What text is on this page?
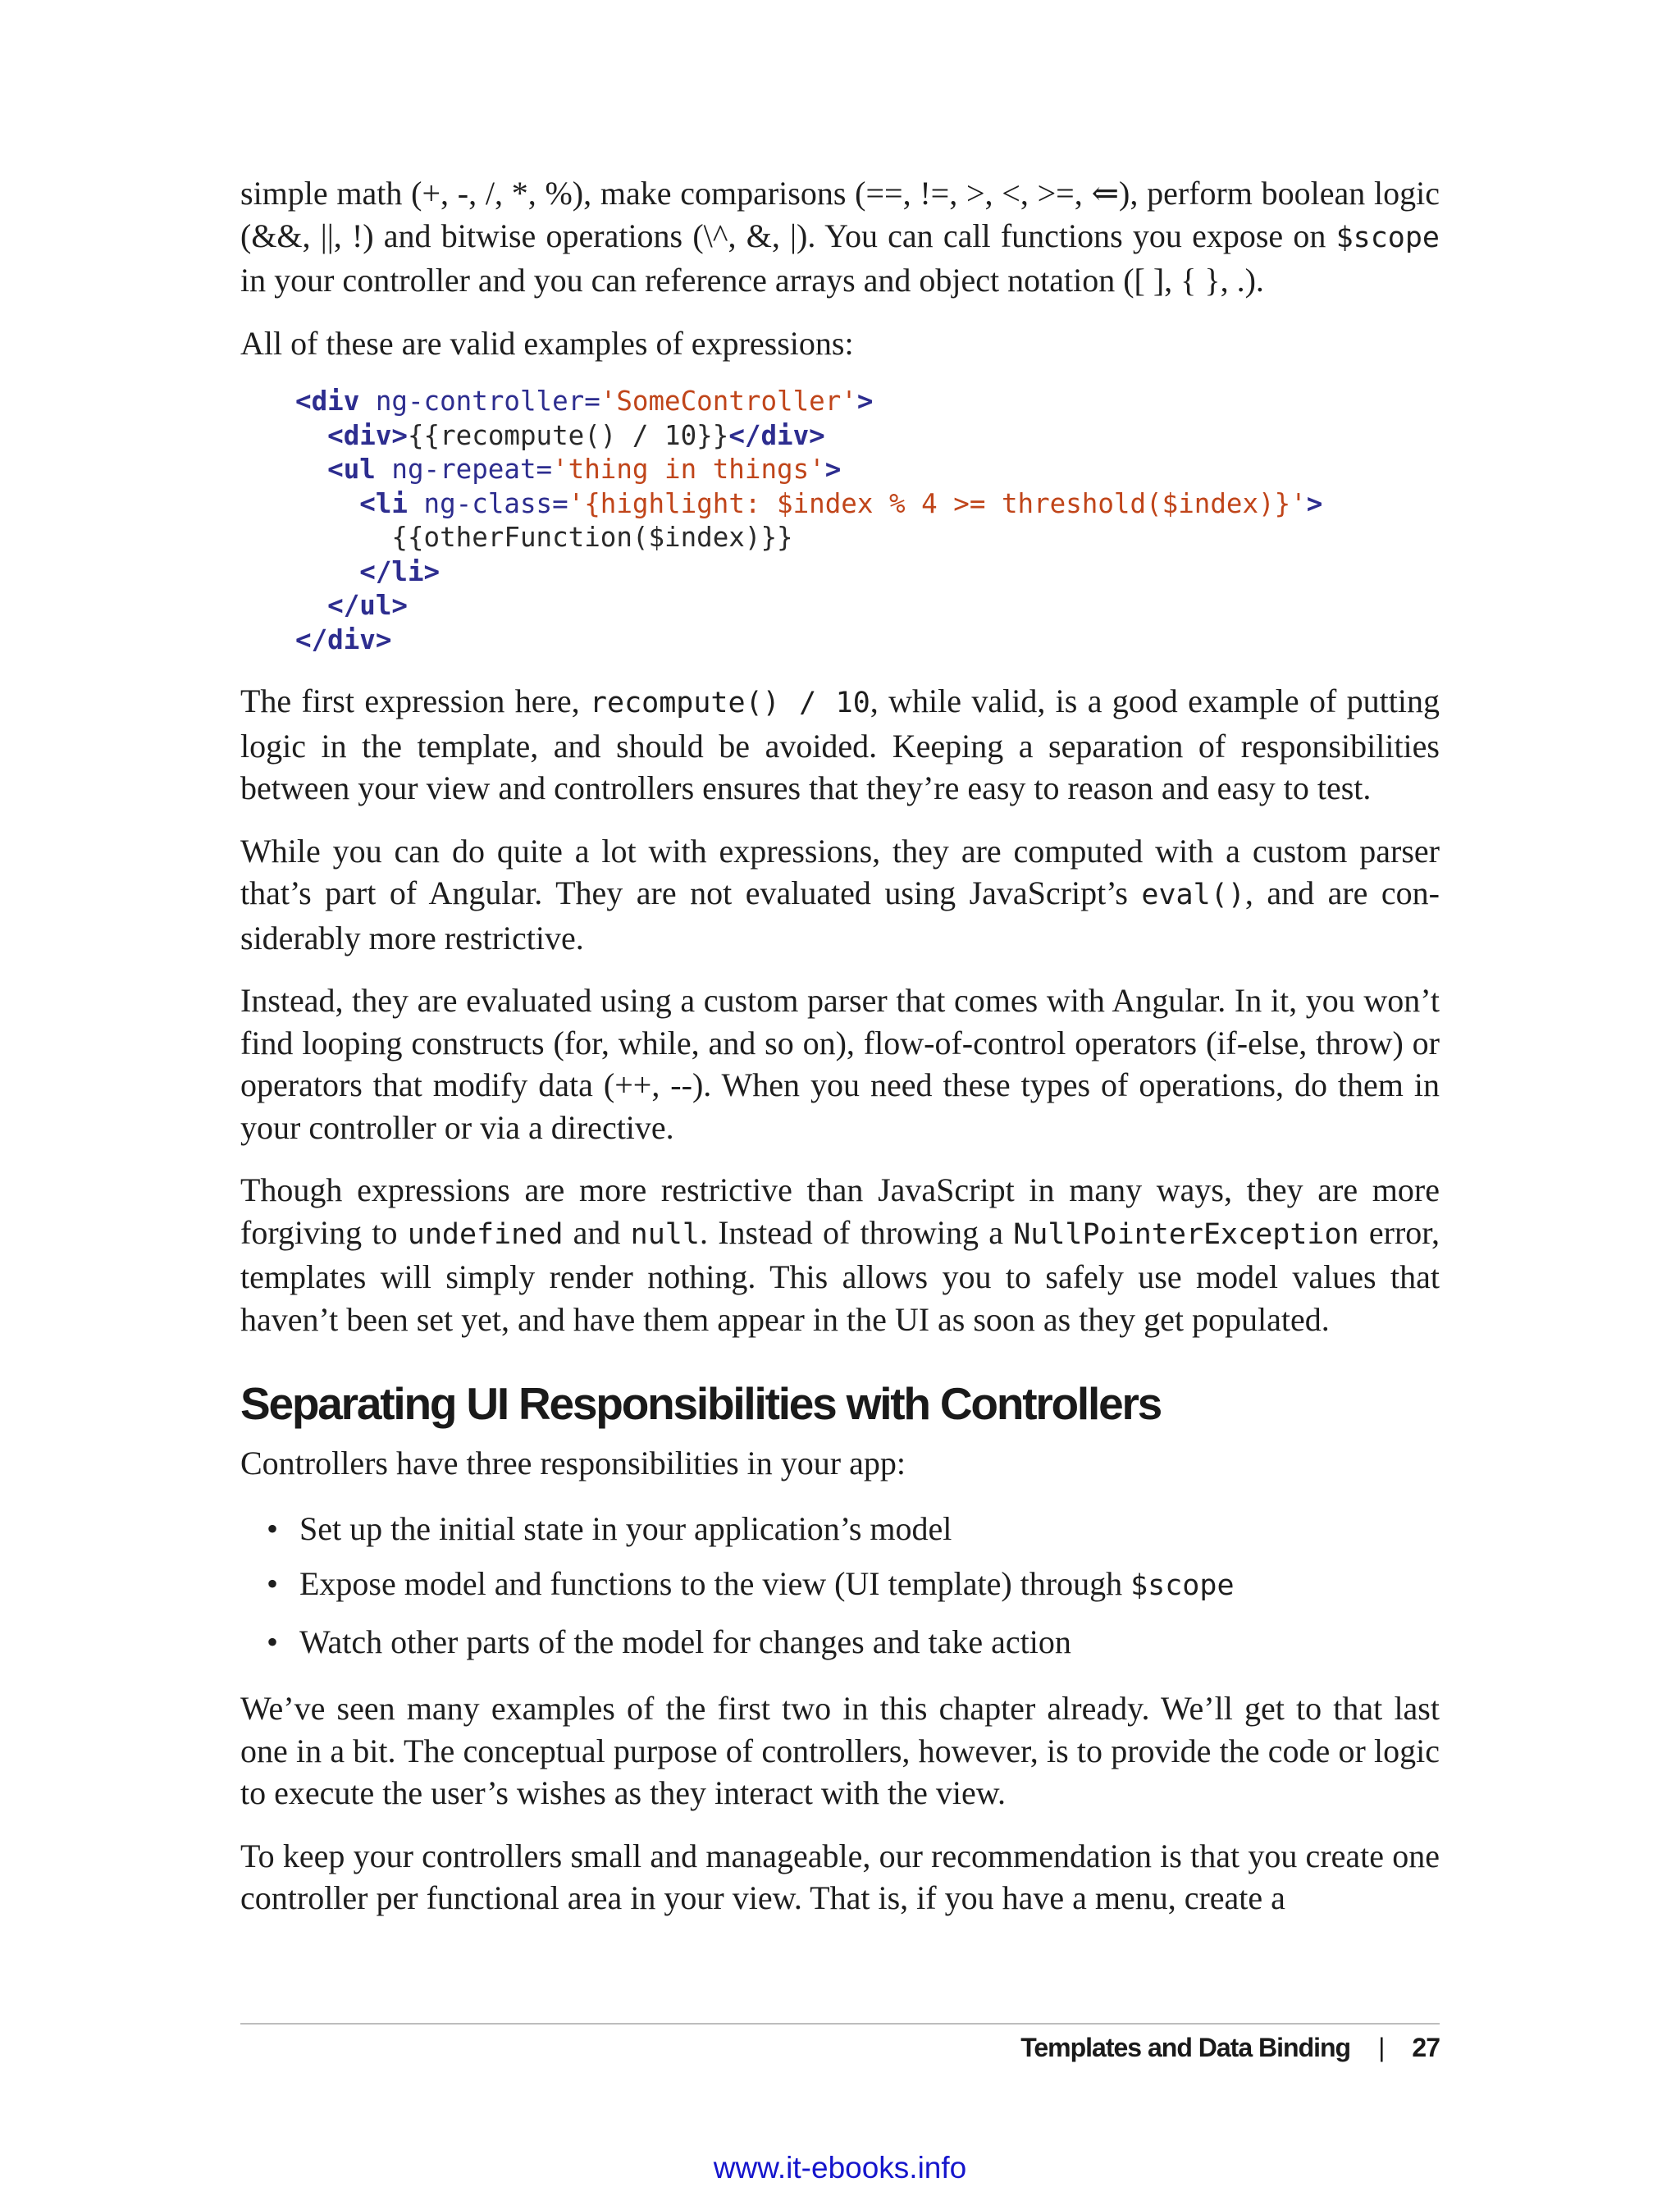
simple math (+, -, /, *, %), make comparisons (==, !=, >, <, >=, ⇐), perform boolean logic (&&, ||, !) and bitwise operations (\^, &, |). You can call functions you expose on $scope in your controller and you can reference arrays and object notation ([ ], { }, .).

All of these are valid examples of expressions:

<div ng-controller='SomeController'>
<div>{{recompute() / 10}}</div>
<ul ng-repeat='thing in things'>
<li ng-class='{highlight: $index % 4 >= threshold($index)}'>
{{otherFunction($index)}}
</li>
</ul>
</div>

The first expression here, recompute() / 10, while valid, is a good example of putting logic in the template, and should be avoided. Keeping a separation of responsibilities between your view and controllers ensures that they’re easy to reason and easy to test.

While you can do quite a lot with expressions, they are computed with a custom parser that’s part of Angular. They are not evaluated using JavaScript’s eval(), and are considerably more restrictive.

Instead, they are evaluated using a custom parser that comes with Angular. In it, you won’t find looping constructs (for, while, and so on), flow-of-control operators (if-else, throw) or operators that modify data (++, --). When you need these types of operations, do them in your controller or via a directive.

Though expressions are more restrictive than JavaScript in many ways, they are more forgiving to undefined and null. Instead of throwing a NullPointerException error, templates will simply render nothing. This allows you to safely use model values that haven’t been set yet, and have them appear in the UI as soon as they get populated.

Separating UI Responsibilities with Controllers

Controllers have three responsibilities in your app:

• Set up the initial state in your application’s model
• Expose model and functions to the view (UI template) through $scope
• Watch other parts of the model for changes and take action

We’ve seen many examples of the first two in this chapter already. We’ll get to that last one in a bit. The conceptual purpose of controllers, however, is to provide the code or logic to execute the user’s wishes as they interact with the view.

To keep your controllers small and manageable, our recommendation is that you create one controller per functional area in your view. That is, if you have a menu, create a

Templates and Data Binding | 27
www.it-ebooks.info
